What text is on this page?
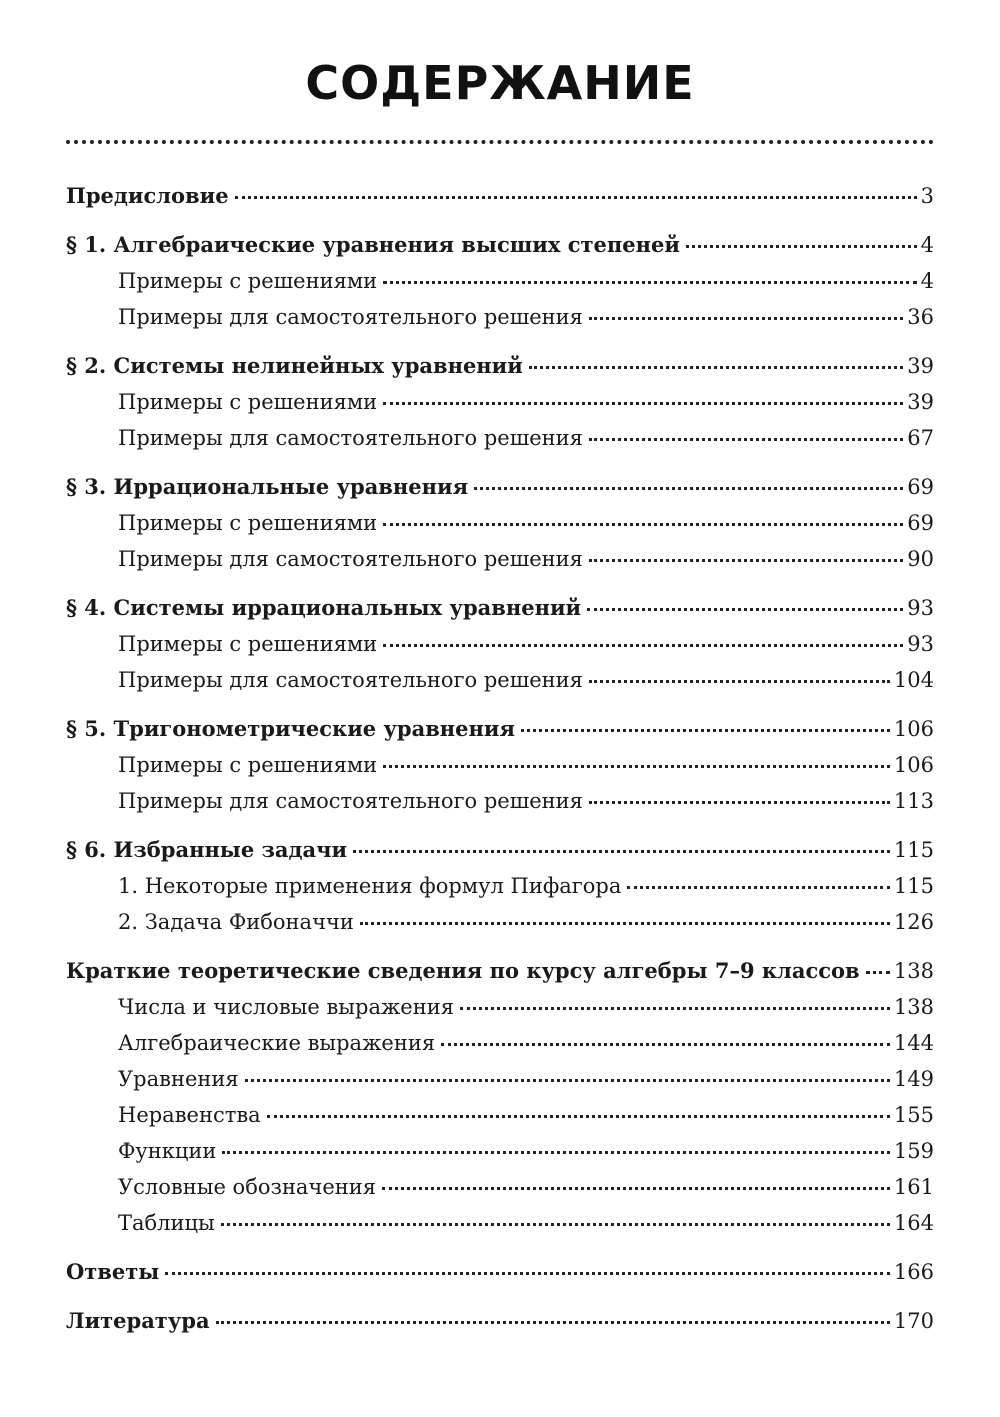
СОДЕРЖАНИЕ
Предисловие	3
§ 1. Алгебраические уравнения высших степеней	4
Примеры с решениями	4
Примеры для самостоятельного решения	36
§ 2. Системы нелинейных уравнений	39
Примеры с решениями	39
Примеры для самостоятельного решения	67
§ 3. Иррациональные уравнения	69
Примеры с решениями	69
Примеры для самостоятельного решения	90
§ 4. Системы иррациональных уравнений	93
Примеры с решениями	93
Примеры для самостоятельного решения	104
§ 5. Тригонометрические уравнения	106
Примеры с решениями	106
Примеры для самостоятельного решения	113
§ 6. Избранные задачи	115
1. Некоторые применения формул Пифагора	115
2. Задача Фибоначчи	126
Краткие теоретические сведения по курсу алгебры 7–9 классов 138
Числа и числовые выражения	138
Алгебраические выражения	144
Уравнения	149
Неравенства	155
Функции	159
Условные обозначения	161
Таблицы	164
Ответы	166
Литература	170
